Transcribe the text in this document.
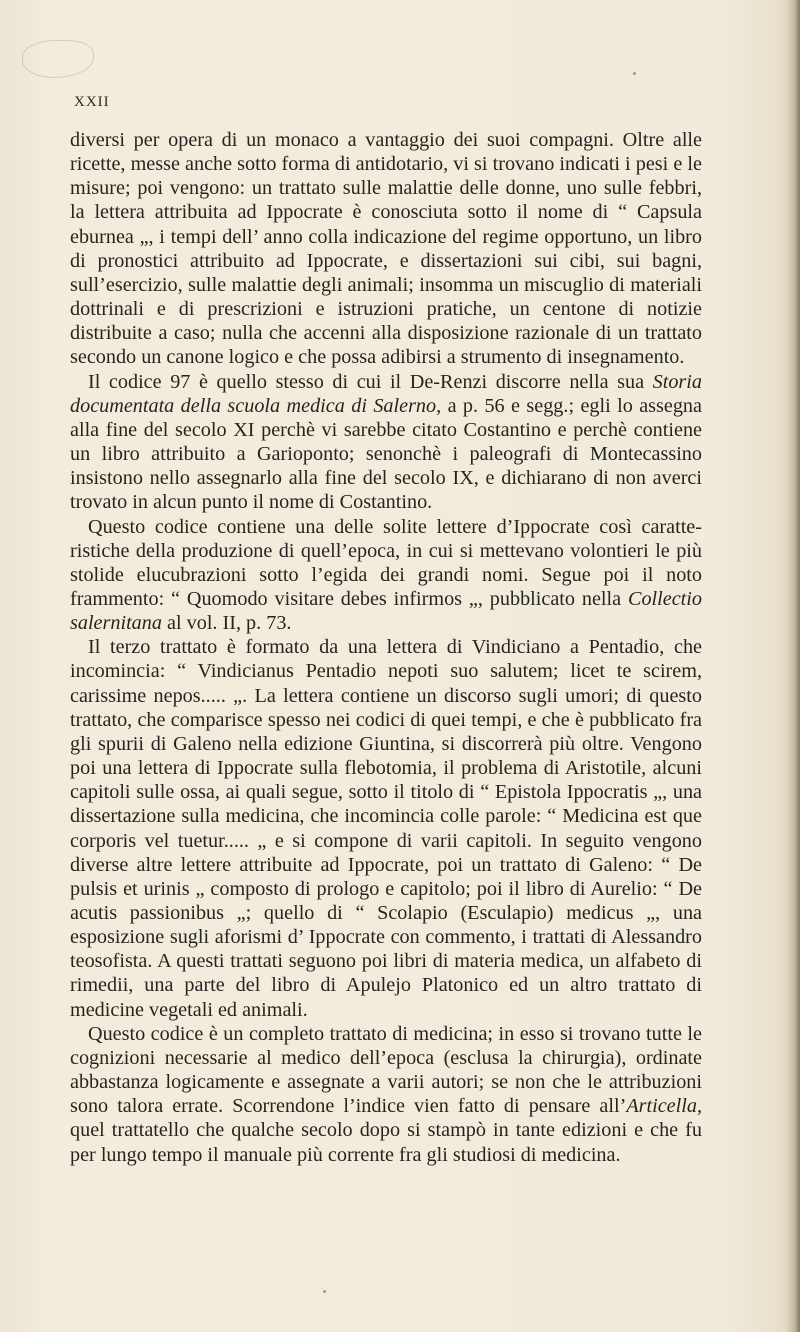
XXII

diversi per opera di un monaco a vantaggio dei suoi compagni. Oltre alle ricette, messe anche sotto forma di antidotario, vi si trovano indicati i pesi e le misure; poi vengono: un trattato sulle malattie delle donne, uno sulle febbri, la lettera attribuita ad Ippocrate è conosciuta sotto il nome di “ Capsula eburnea „, i tempi dell’ anno colla indicazione del regime opportuno, un libro di pronostici attribuito ad Ippocrate, e dissertazioni sui cibi, sui bagni, sull’esercizio, sulle malattie degli animali; insomma un miscuglio di materiali dottrinali e di prescrizioni e istruzioni pratiche, un centone di notizie distribuite a caso; nulla che accenni alla disposizione razionale di un trattato secondo un canone logico e che possa adibirsi a strumento di insegnamento.

Il codice 97 è quello stesso di cui il De-Renzi discorre nella sua Storia documentata della scuola medica di Salerno, a p. 56 e segg.; egli lo assegna alla fine del secolo XI perchè vi sarebbe citato Costantino e perchè contiene un libro attribuito a Garioponto; senonchè i paleografi di Montecassino insistono nello assegnarlo alla fine del secolo IX, e dichiarano di non averci trovato in alcun punto il nome di Costantino.

Questo codice contiene una delle solite lettere d’Ippocrate così caratteristiche della produzione di quell’epoca, in cui si mettevano volontieri le più stolide elucubrazioni sotto l’egida dei grandi nomi. Segue poi il noto frammento: “ Quomodo visitare debes infirmos „, pubblicato nella Collectio salernitana al vol. II, p. 73.

Il terzo trattato è formato da una lettera di Vindiciano a Pentadio, che incomincia: “ Vindicianus Pentadio nepoti suo salutem; licet te scirem, carissime nepos..... „. La lettera contiene un discorso sugli umori; di questo trattato, che comparisce spesso nei codici di quei tempi, e che è pubblicato fra gli spurii di Galeno nella edizione Giuntina, si discorrerà più oltre. Vengono poi una lettera di Ippocrate sulla flebotomia, il problema di Aristotile, alcuni capitoli sulle ossa, ai quali segue, sotto il titolo di “ Epistola Ippocratis „, una dissertazione sulla medicina, che incomincia colle parole: “ Medicina est que corporis vel tuetur..... „ e si compone di varii capitoli. In seguito vengono diverse altre lettere attribuite ad Ippocrate, poi un trattato di Galeno: “ De pulsis et urinis „ composto di prologo e capitolo; poi il libro di Aurelio: “ De acutis passionibus „; quello di “ Scolapio (Esculapio) medicus „, una esposizione sugli aforismi d’ Ippocrate con commento, i trattati di Alessandro teosofista. A questi trattati seguono poi libri di materia medica, un alfabeto di rimedii, una parte del libro di Apulejo Platonico ed un altro trattato di medicine vegetali ed animali.

Questo codice è un completo trattato di medicina; in esso si trovano tutte le cognizioni necessarie al medico dell’epoca (esclusa la chirurgia), ordinate abbastanza logicamente e assegnate a varii autori; se non che le attribuzioni sono talora errate. Scorrendone l’indice vien fatto di pensare all’Articella, quel trattatello che qualche secolo dopo si stampò in tante edizioni e che fu per lungo tempo il manuale più corrente fra gli studiosi di medicina.
